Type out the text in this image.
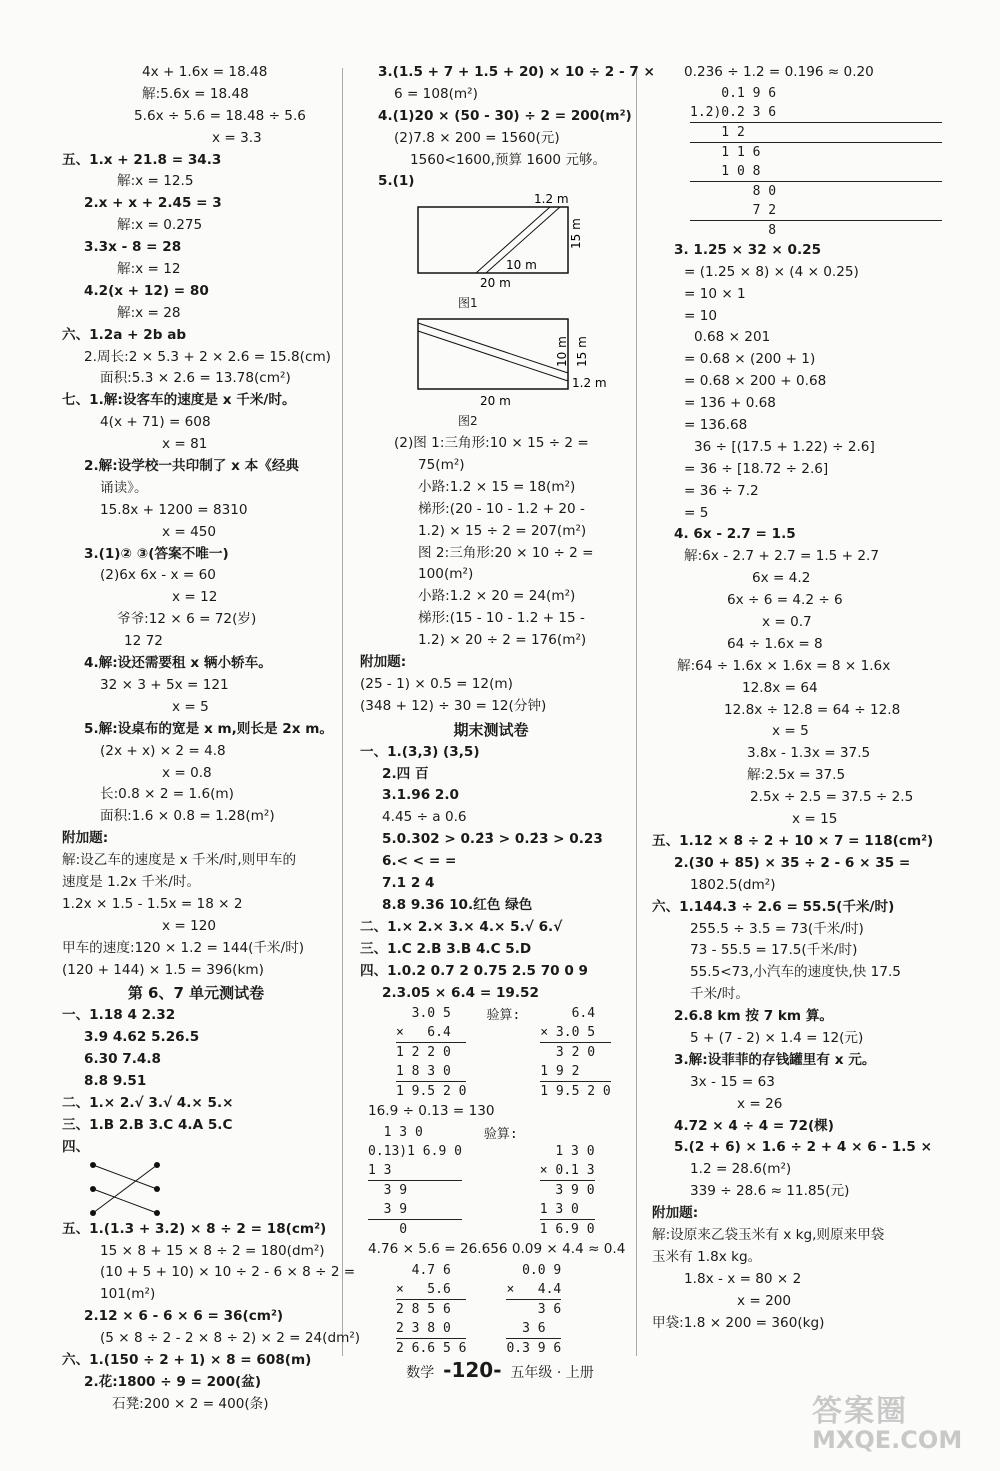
4x + 1.6x = 18.48
解:5.6x = 18.48
5.6x ÷ 5.6 = 18.48 ÷ 5.6
x = 3.3
五、1.x + 21.8 = 34.3
解:x = 12.5
2.x + x + 2.45 = 3
解:x = 0.275
3.3x - 8 = 28
解:x = 12
4.2(x + 12) = 80
解:x = 28
六、1.2a + 2b ab
2.周长:2 × 5.3 + 2 × 2.6 = 15.8(cm)
面积:5.3 × 2.6 = 13.78(cm²)
七、1.解:设客车的速度是 x 千米/时。
4(x + 71) = 608
x = 81
2.解:设学校一共印制了 x 本《经典
诵读》。
15.8x + 1200 = 8310
x = 450
3.(1)② ③(答案不唯一)
(2)6x 6x - x = 60
x = 12
爷爷:12 × 6 = 72(岁)
12 72
4.解:设还需要租 x 辆小轿车。
32 × 3 + 5x = 121
x = 5
5.解:设桌布的宽是 x m,则长是 2x m。
(2x + x) × 2 = 4.8
x = 0.8
长:0.8 × 2 = 1.6(m)
面积:1.6 × 0.8 = 1.28(m²)
附加题:
解:设乙车的速度是 x 千米/时,则甲车的
速度是 1.2x 千米/时。
1.2x × 1.5 - 1.5x = 18 × 2
x = 120
甲车的速度:120 × 1.2 = 144(千米/时)
(120 + 144) × 1.5 = 396(km)
第 6、7 单元测试卷
一、1.18 4 2.32
3.9 4.62 5.26.5
6.30 7.4.8
8.8 9.51
二、1.× 2.√ 3.√ 4.× 5.×
三、1.B 2.B 3.C 4.A 5.C
四、
五、1.(1.3 + 3.2) × 8 ÷ 2 = 18(cm²)
15 × 8 + 15 × 8 ÷ 2 = 180(dm²)
(10 + 5 + 10) × 10 ÷ 2 - 6 × 8 ÷ 2 =
101(m²)
2.12 × 6 - 6 × 6 = 36(cm²)
(5 × 8 ÷ 2 - 2 × 8 ÷ 2) × 2 = 24(dm²)
六、1.(150 ÷ 2 + 1) × 8 = 608(m)
2.花:1800 ÷ 9 = 200(盆)
石凳:200 × 2 = 400(条)
3.(1.5 + 7 + 1.5 + 20) × 10 ÷ 2 - 7 ×
6 = 108(m²)
4.(1)20 × (50 - 30) ÷ 2 = 200(m²)
(2)7.8 × 200 = 1560(元)
1560<1600,预算 1600 元够。
5.(1)
1.2 m
15 m
10 m
20 m
图1
10 m 15 m
1.2 m
20 m
图2
(2)图 1:三角形:10 × 15 ÷ 2 =
75(m²)
小路:1.2 × 15 = 18(m²)
梯形:(20 - 10 - 1.2 + 20 -
1.2) × 15 ÷ 2 = 207(m²)
图 2:三角形:20 × 10 ÷ 2 =
100(m²)
小路:1.2 × 20 = 24(m²)
梯形:(15 - 10 - 1.2 + 15 -
1.2) × 20 ÷ 2 = 176(m²)
附加题:
(25 - 1) × 0.5 = 12(m)
(348 + 12) ÷ 30 = 12(分钟)
期末测试卷
一、1.(3,3) (3,5)
2.四 百
3.1.96̇ 2.0
4.45 ÷ a 0.6
5.0.302 > 0.2̇3̇ > 0.2̇3 > 0.23
6.< < = =
7.1 2 4
8.8 9.36 10.红色 绿色
二、1.× 2.× 3.× 4.× 5.√ 6.√
三、1.C 2.B 3.B 4.C 5.D
四、1.0.2 0.7 2 0.75 2.5 70 0 9
2.3.05 × 6.4 = 19.52
3.0 5
×   6.4
1 2 2 0
1 8 3 0
1 9.5 2 0
验算: 6.4
× 3.0 5
3 2 0
1 9 2
1 9.5 2 0
16.9 ÷ 0.13 = 130
1 3 0
0.13)1 6.9 0
1 3
3 9
3 9
0
验算:
1 3 0
× 0.1 3
3 9 0
1 3 0
1 6.9 0
4.76 × 5.6 = 26.656 0.09 × 4.4 ≈ 0.4
4.7 6
×   5.6
2 8 5 6
2 3 8 0
2 6.6 5 6
0.0 9
×   4.4
3 6
3 6
0.3 9 6
0.236 ÷ 1.2 = 0.19̇6 ≈ 0.20
0.1 9 6
1.2)0.2 3 6
1 2
1 1 6
1 0 8
8 0
7 2
8
3. 1.25 × 32 × 0.25
= (1.25 × 8) × (4 × 0.25)
= 10 × 1
= 10
0.68 × 201
= 0.68 × (200 + 1)
= 0.68 × 200 + 0.68
= 136 + 0.68
= 136.68
36 ÷ [(17.5 + 1.22) ÷ 2.6]
= 36 ÷ [18.72 ÷ 2.6]
= 36 ÷ 7.2
= 5
4. 6x - 2.7 = 1.5
解:6x - 2.7 + 2.7 = 1.5 + 2.7
6x = 4.2
6x ÷ 6 = 4.2 ÷ 6
x = 0.7
64 ÷ 1.6x = 8
解:64 ÷ 1.6x × 1.6x = 8 × 1.6x
12.8x = 64
12.8x ÷ 12.8 = 64 ÷ 12.8
x = 5
3.8x - 1.3x = 37.5
解:2.5x = 37.5
2.5x ÷ 2.5 = 37.5 ÷ 2.5
x = 15
五、1.12 × 8 ÷ 2 + 10 × 7 = 118(cm²)
2.(30 + 85) × 35 ÷ 2 - 6 × 35 =
1802.5(dm²)
六、1.144.3 ÷ 2.6 = 55.5(千米/时)
255.5 ÷ 3.5 = 73(千米/时)
73 - 55.5 = 17.5(千米/时)
55.5<73,小汽车的速度快,快 17.5
千米/时。
2.6.8 km 按 7 km 算。
5 + (7 - 2) × 1.4 = 12(元)
3.解:设菲菲的存钱罐里有 x 元。
3x - 15 = 63
x = 26
4.72 × 4 ÷ 4 = 72(棵)
5.(2 + 6) × 1.6 ÷ 2 + 4 × 6 - 1.5 ×
1.2 = 28.6(m²)
339 ÷ 28.6 ≈ 11.85(元)
附加题:
解:设原来乙袋玉米有 x kg,则原来甲袋
玉米有 1.8x kg。
1.8x - x = 80 × 2
x = 200
甲袋:1.8 × 200 = 360(kg)
数学 -120- 五年级 · 上册
答案圈
MXQE.COM
